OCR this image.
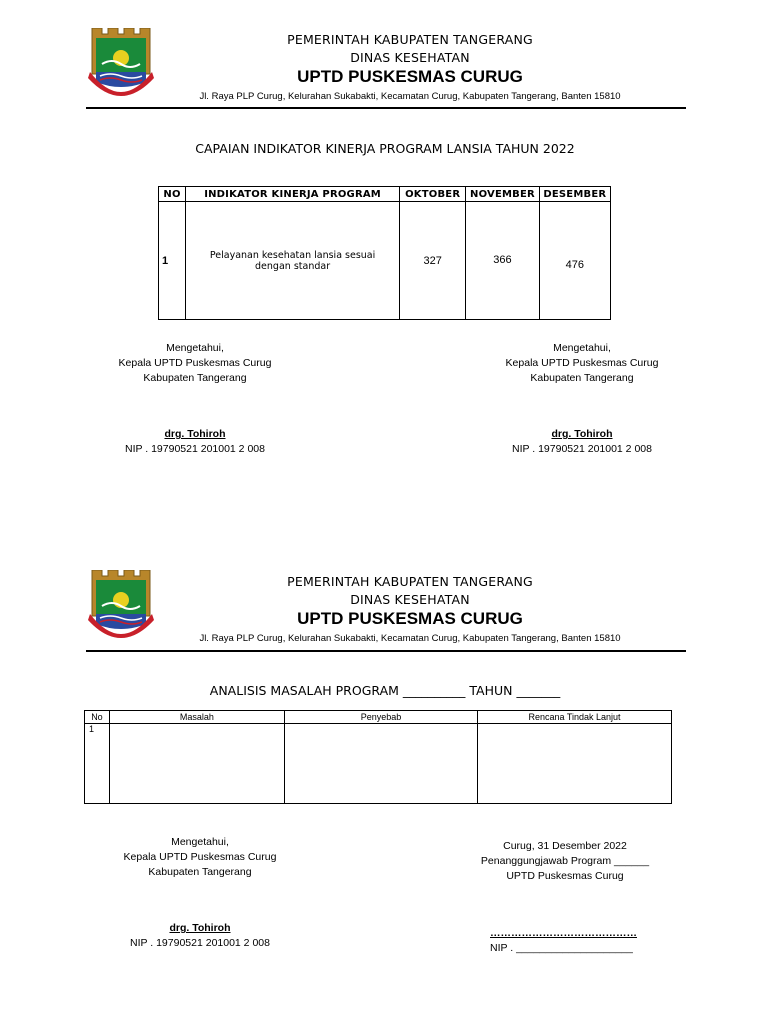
PEMERINTAH KABUPATEN TANGERANG
DINAS KESEHATAN
UPTD PUSKESMAS CURUG
Jl. Raya PLP Curug, Kelurahan Sukabakti, Kecamatan Curug, Kabupaten Tangerang, Banten 15810
CAPAIAN INDIKATOR KINERJA PROGRAM LANSIA TAHUN 2022
NO	INDIKATOR KINERJA PROGRAM	OKTOBER	NOVEMBER	DESEMBER
1	Pelayanan kesehatan lansia sesuai dengan standar	327	366	476
Mengetahui,
Kepala UPTD Puskesmas Curug
Kabupaten Tangerang
drg. Tohiroh
NIP . 19790521 201001 2 008
Mengetahui,
Kepala UPTD Puskesmas Curug
Kabupaten Tangerang
drg. Tohiroh
NIP . 19790521 201001 2 008
PEMERINTAH KABUPATEN TANGERANG
DINAS KESEHATAN
UPTD PUSKESMAS CURUG
Jl. Raya PLP Curug, Kelurahan Sukabakti, Kecamatan Curug, Kabupaten Tangerang, Banten 15810
ANALISIS MASALAH PROGRAM __________ TAHUN _______
No	Masalah	Penyebab	Rencana Tindak Lanjut
1			
Mengetahui,
Kepala UPTD Puskesmas Curug
Kabupaten Tangerang
drg. Tohiroh
NIP . 19790521 201001 2 008
Curug, 31 Desember 2022
Penanggungjawab Program ______
UPTD Puskesmas Curug
……………………………………
NIP . ____________________
